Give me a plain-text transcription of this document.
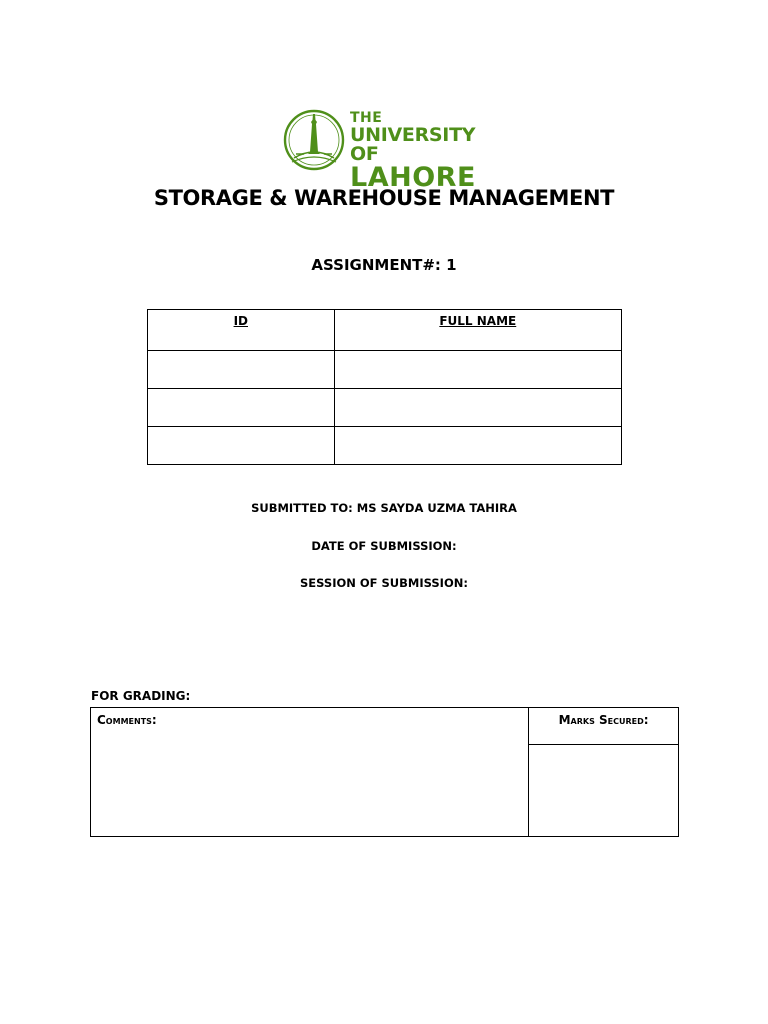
THE
UNIVERSITY OF
LAHORE
STORAGE & WAREHOUSE MANAGEMENT
ASSIGNMENT#: 1
ID	FULL NAME

SUBMITTED TO: MS SAYDA UZMA TAHIRA
DATE OF SUBMISSION:
SESSION OF SUBMISSION:
FOR GRADING:
Comments:	Marks Secured:
